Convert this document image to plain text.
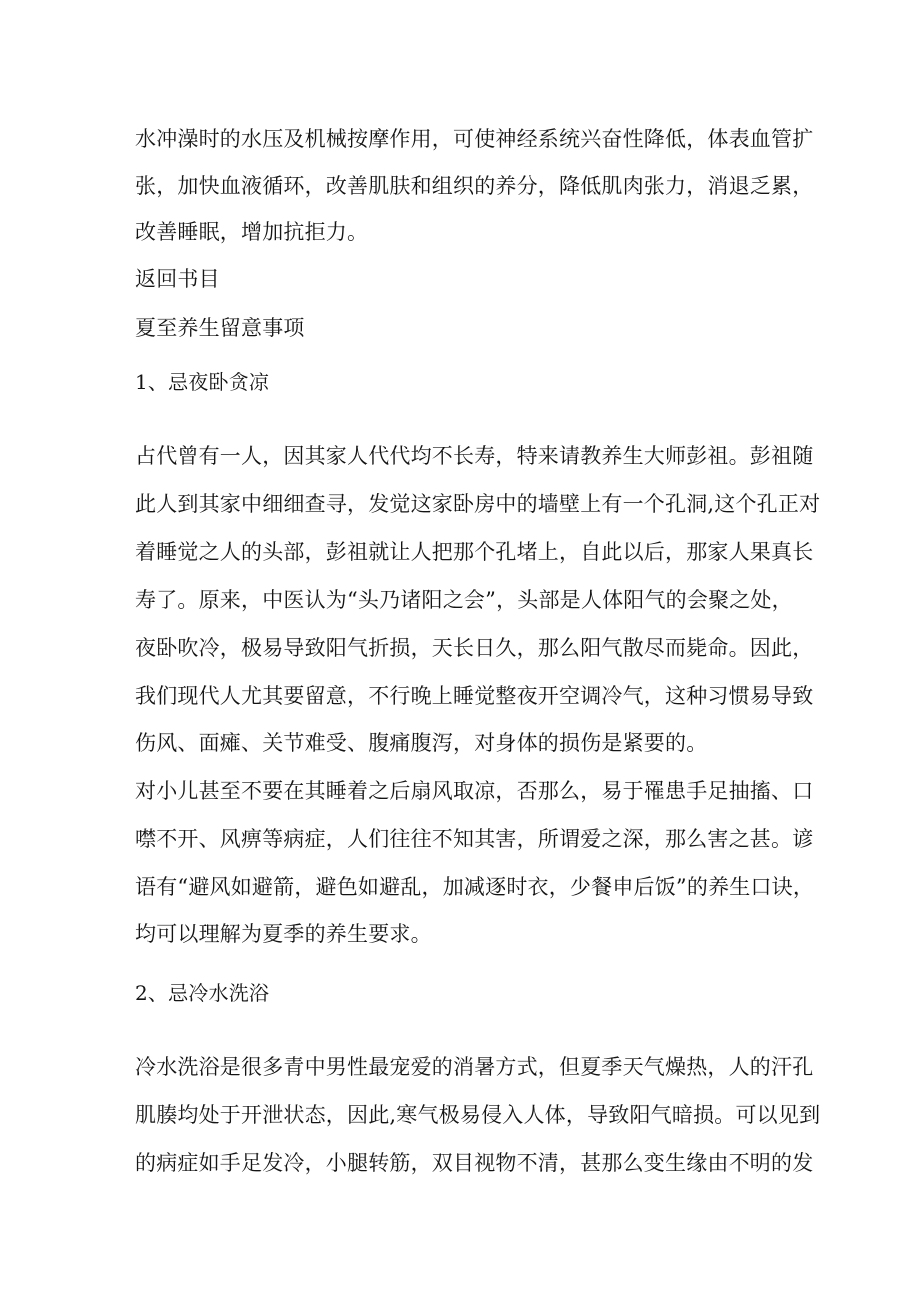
水冲澡时的水压及机械按摩作用，可使神经系统兴奋性降低，体表血管扩
张，加快血液循环，改善肌肤和组织的养分，降低肌肉张力，消退乏累，
改善睡眠，增加抗拒力。
返回书目
夏至养生留意事项
1、忌夜卧贪凉
占代曾有一人，因其家人代代均不长寿，特来请教养生大师彭祖。彭祖随
此人到其家中细细查寻，发觉这家卧房中的墙壁上有一个孔洞,这个孔正对
着睡觉之人的头部，彭祖就让人把那个孔堵上，自此以后，那家人果真长
寿了。原来，中医认为“头乃诸阳之会”，头部是人体阳气的会聚之处，
夜卧吹冷，极易导致阳气折损，天长日久，那么阳气散尽而毙命。因此，
我们现代人尤其要留意，不行晚上睡觉整夜开空调冷气，这种习惯易导致
伤风、面瘫、关节难受、腹痛腹泻，对身体的损伤是紧要的。
对小儿甚至不要在其睡着之后扇风取凉，否那么，易于罹患手足抽搐、口
噤不开、风痹等病症，人们往往不知其害，所谓爱之深，那么害之甚。谚
语有“避风如避箭，避色如避乱，加减逐时衣，少餐申后饭”的养生口诀，
均可以理解为夏季的养生要求。
2、忌冷水洗浴
冷水洗浴是很多青中男性最宠爱的消暑方式，但夏季天气燥热，人的汗孔
肌腠均处于开泄状态，因此,寒气极易侵入人体，导致阳气暗损。可以见到
的病症如手足发冷，小腿转筋，双目视物不清，甚那么变生缘由不明的发
